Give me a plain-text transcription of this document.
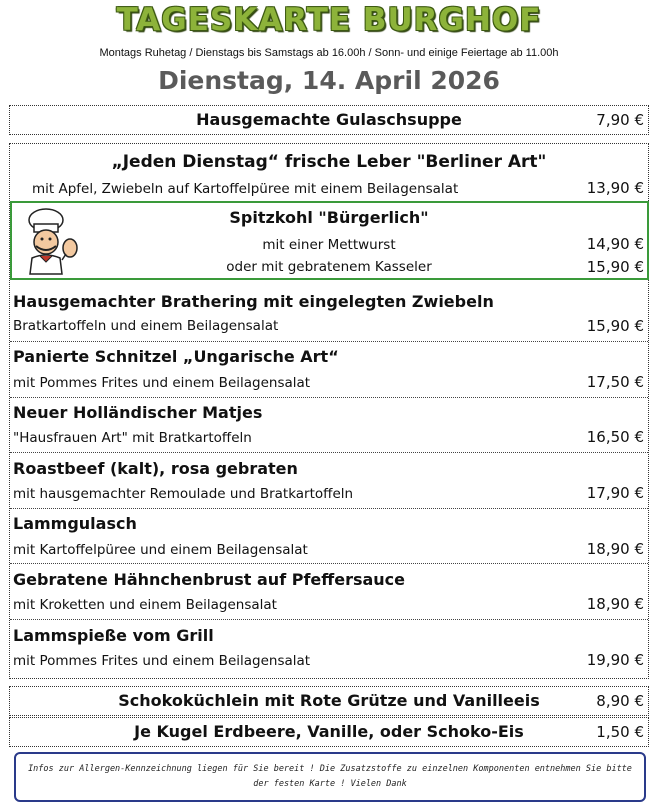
TAGESKARTE BURGHOF
Montags Ruhetag / Dienstags bis Samstags ab 16.00h / Sonn- und einige Feiertage ab 11.00h
Dienstag, 14. April 2026
Hausgemachte Gulaschsuppe	7,90 €
„Jeden Dienstag“ frische Leber "Berliner Art"
mit Apfel, Zwiebeln auf Kartoffelpüree mit einem Beilagensalat	13,90 €
Spitzkohl "Bürgerlich"
mit einer Mettwurst	14,90 €
oder mit gebratenem Kasseler	15,90 €
Hausgemachter Brathering mit eingelegten Zwiebeln
Bratkartoffeln und einem Beilagensalat	15,90 €
Panierte Schnitzel „Ungarische Art“
mit Pommes Frites und einem Beilagensalat	17,50 €
Neuer Holländischer Matjes
"Hausfrauen Art" mit Bratkartoffeln	16,50 €
Roastbeef (kalt), rosa gebraten
mit hausgemachter Remoulade und Bratkartoffeln	17,90 €
Lammgulasch
mit Kartoffelpüree und einem Beilagensalat	18,90 €
Gebratene Hähnchenbrust auf Pfeffersauce
mit Kroketten und einem Beilagensalat	18,90 €
Lammspieße vom Grill
mit Pommes Frites und einem Beilagensalat	19,90 €
Schokoküchlein mit Rote Grütze und Vanilleeis	8,90 €
Je Kugel Erdbeere, Vanille, oder Schoko-Eis	1,50 €
Infos zur Allergen-Kennzeichnung liegen für Sie bereit ! Die Zusatzstoffe zu einzelnen Komponenten entnehmen Sie bitte der festen Karte ! Vielen Dank
